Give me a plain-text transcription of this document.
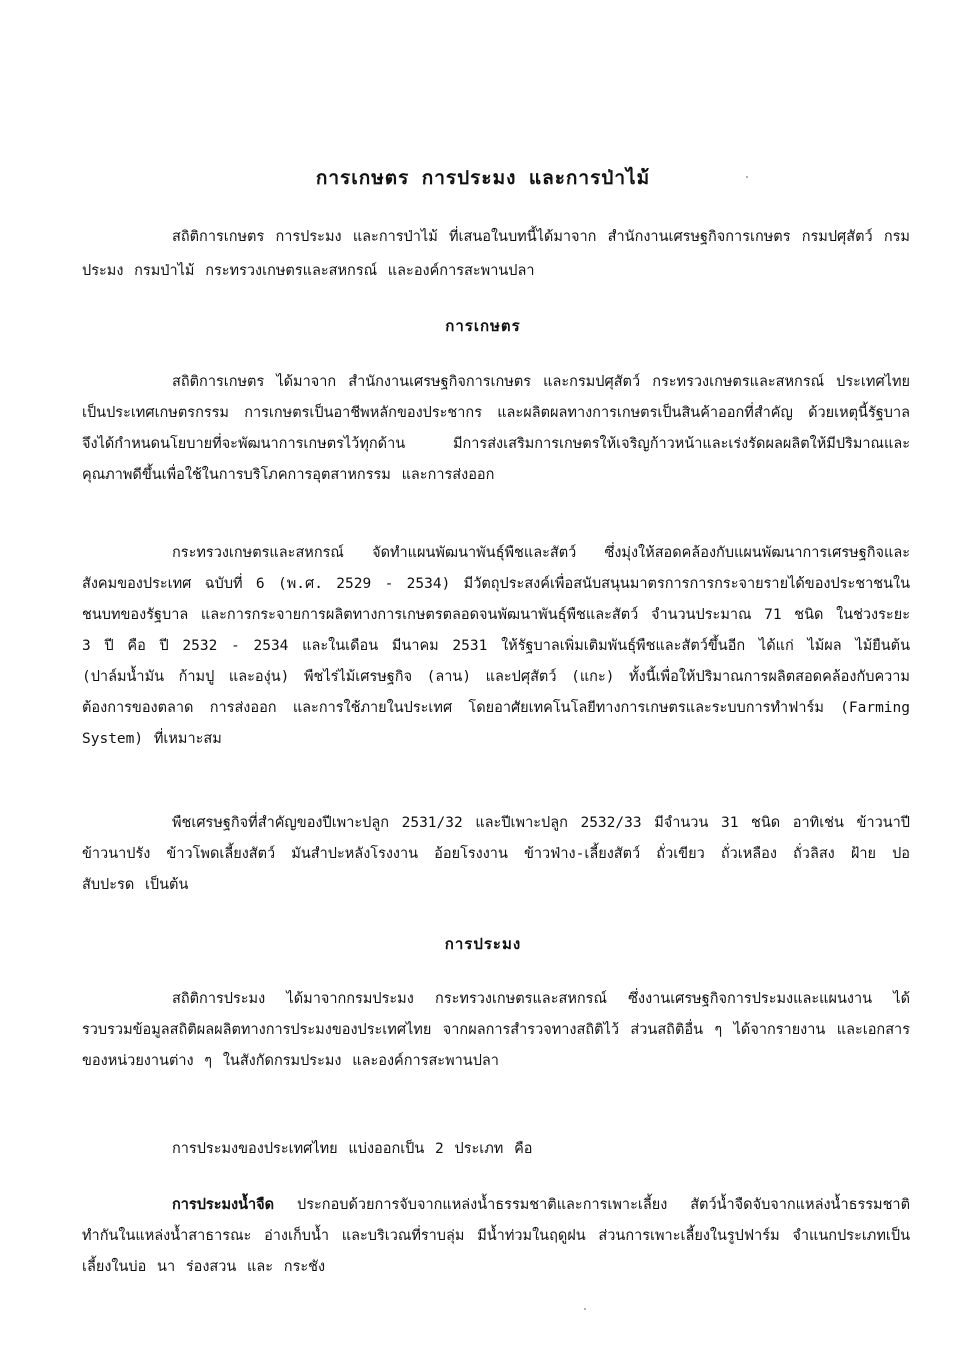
การเกษตร การประมง และการป่าไม้
สถิติการเกษตร การประมง และการป่าไม้ ที่เสนอในบทนี้ได้มาจาก สำนักงานเศรษฐกิจการเกษตร กรมปศุสัตว์ กรมประมง กรมป่าไม้ กระทรวงเกษตรและสหกรณ์ และองค์การสะพานปลา
การเกษตร
สถิติการเกษตร ได้มาจาก สำนักงานเศรษฐกิจการเกษตร และกรมปศุสัตว์ กระทรวงเกษตรและสหกรณ์ ประเทศไทยเป็นประเทศเกษตรกรรม การเกษตรเป็นอาชีพหลักของประชากร และผลิตผลทางการเกษตรเป็นสินค้าออกที่สำคัญ ด้วยเหตุนี้รัฐบาลจึงได้กำหนดนโยบายที่จะพัฒนาการเกษตรไว้ทุกด้าน มีการส่งเสริมการเกษตรให้เจริญก้าวหน้าและเร่งรัดผลผลิตให้มีปริมาณและคุณภาพดีขึ้นเพื่อใช้ในการบริโภคการอุตสาหกรรม และการส่งออก
กระทรวงเกษตรและสหกรณ์ จัดทำแผนพัฒนาพันธุ์พืชและสัตว์ ซึ่งมุ่งให้สอดคล้องกับแผนพัฒนาการเศรษฐกิจและสังคมของประเทศ ฉบับที่ 6 (พ.ศ. 2529 - 2534) มีวัตถุประสงค์เพื่อสนับสนุนมาตรการการกระจายรายได้ของประชาชนในชนบทของรัฐบาล และการกระจายการผลิตทางการเกษตรตลอดจนพัฒนาพันธุ์พืชและสัตว์ จำนวนประมาณ 71 ชนิด ในช่วงระยะ 3 ปี คือ ปี 2532 - 2534 และในเดือน มีนาคม 2531 ให้รัฐบาลเพิ่มเติมพันธุ์พืชและสัตว์ขึ้นอีก ได้แก่ ไม้ผล ไม้ยืนต้น (ปาล์มน้ำมัน ก้ามปู และองุ่น) พืชไร่ไม้เศรษฐกิจ (ลาน) และปศุสัตว์ (แกะ) ทั้งนี้เพื่อให้ปริมาณการผลิตสอดคล้องกับความต้องการของตลาด การส่งออก และการใช้ภายในประเทศ โดยอาศัยเทคโนโลยีทางการเกษตรและระบบการทำฟาร์ม (Farming System) ที่เหมาะสม
พืชเศรษฐกิจที่สำคัญของปีเพาะปลูก 2531/32 และปีเพาะปลูก 2532/33 มีจำนวน 31 ชนิด อาทิเช่น ข้าวนาปี ข้าวนาปรัง ข้าวโพดเลี้ยงสัตว์ มันสำปะหลังโรงงาน อ้อยโรงงาน ข้าวฟ่าง-เลี้ยงสัตว์ ถั่วเขียว ถั่วเหลือง ถั่วลิสง ฝ้าย ปอ สับปะรด เป็นต้น
การประมง
สถิติการประมง ได้มาจากกรมประมง กระทรวงเกษตรและสหกรณ์ ซึ่งงานเศรษฐกิจการประมงและแผนงาน ได้รวบรวมข้อมูลสถิติผลผลิตทางการประมงของประเทศไทย จากผลการสำรวจทางสถิติไว้ ส่วนสถิติอื่น ๆ ได้จากรายงาน และเอกสารของหน่วยงานต่าง ๆ ในสังกัดกรมประมง และองค์การสะพานปลา
การประมงของประเทศไทย แบ่งออกเป็น 2 ประเภท คือ
การประมงน้ำจืด ประกอบด้วยการจับจากแหล่งน้ำธรรมชาติและการเพาะเลี้ยง สัตว์น้ำจืดจับจากแหล่งน้ำธรรมชาติ ทำกันในแหล่งน้ำสาธารณะ อ่างเก็บน้ำ และบริเวณที่ราบลุ่ม มีน้ำท่วมในฤดูฝน ส่วนการเพาะเลี้ยงในรูปฟาร์ม จำแนกประเภทเป็น เลี้ยงในบ่อ นา ร่องสวน และ กระชัง
